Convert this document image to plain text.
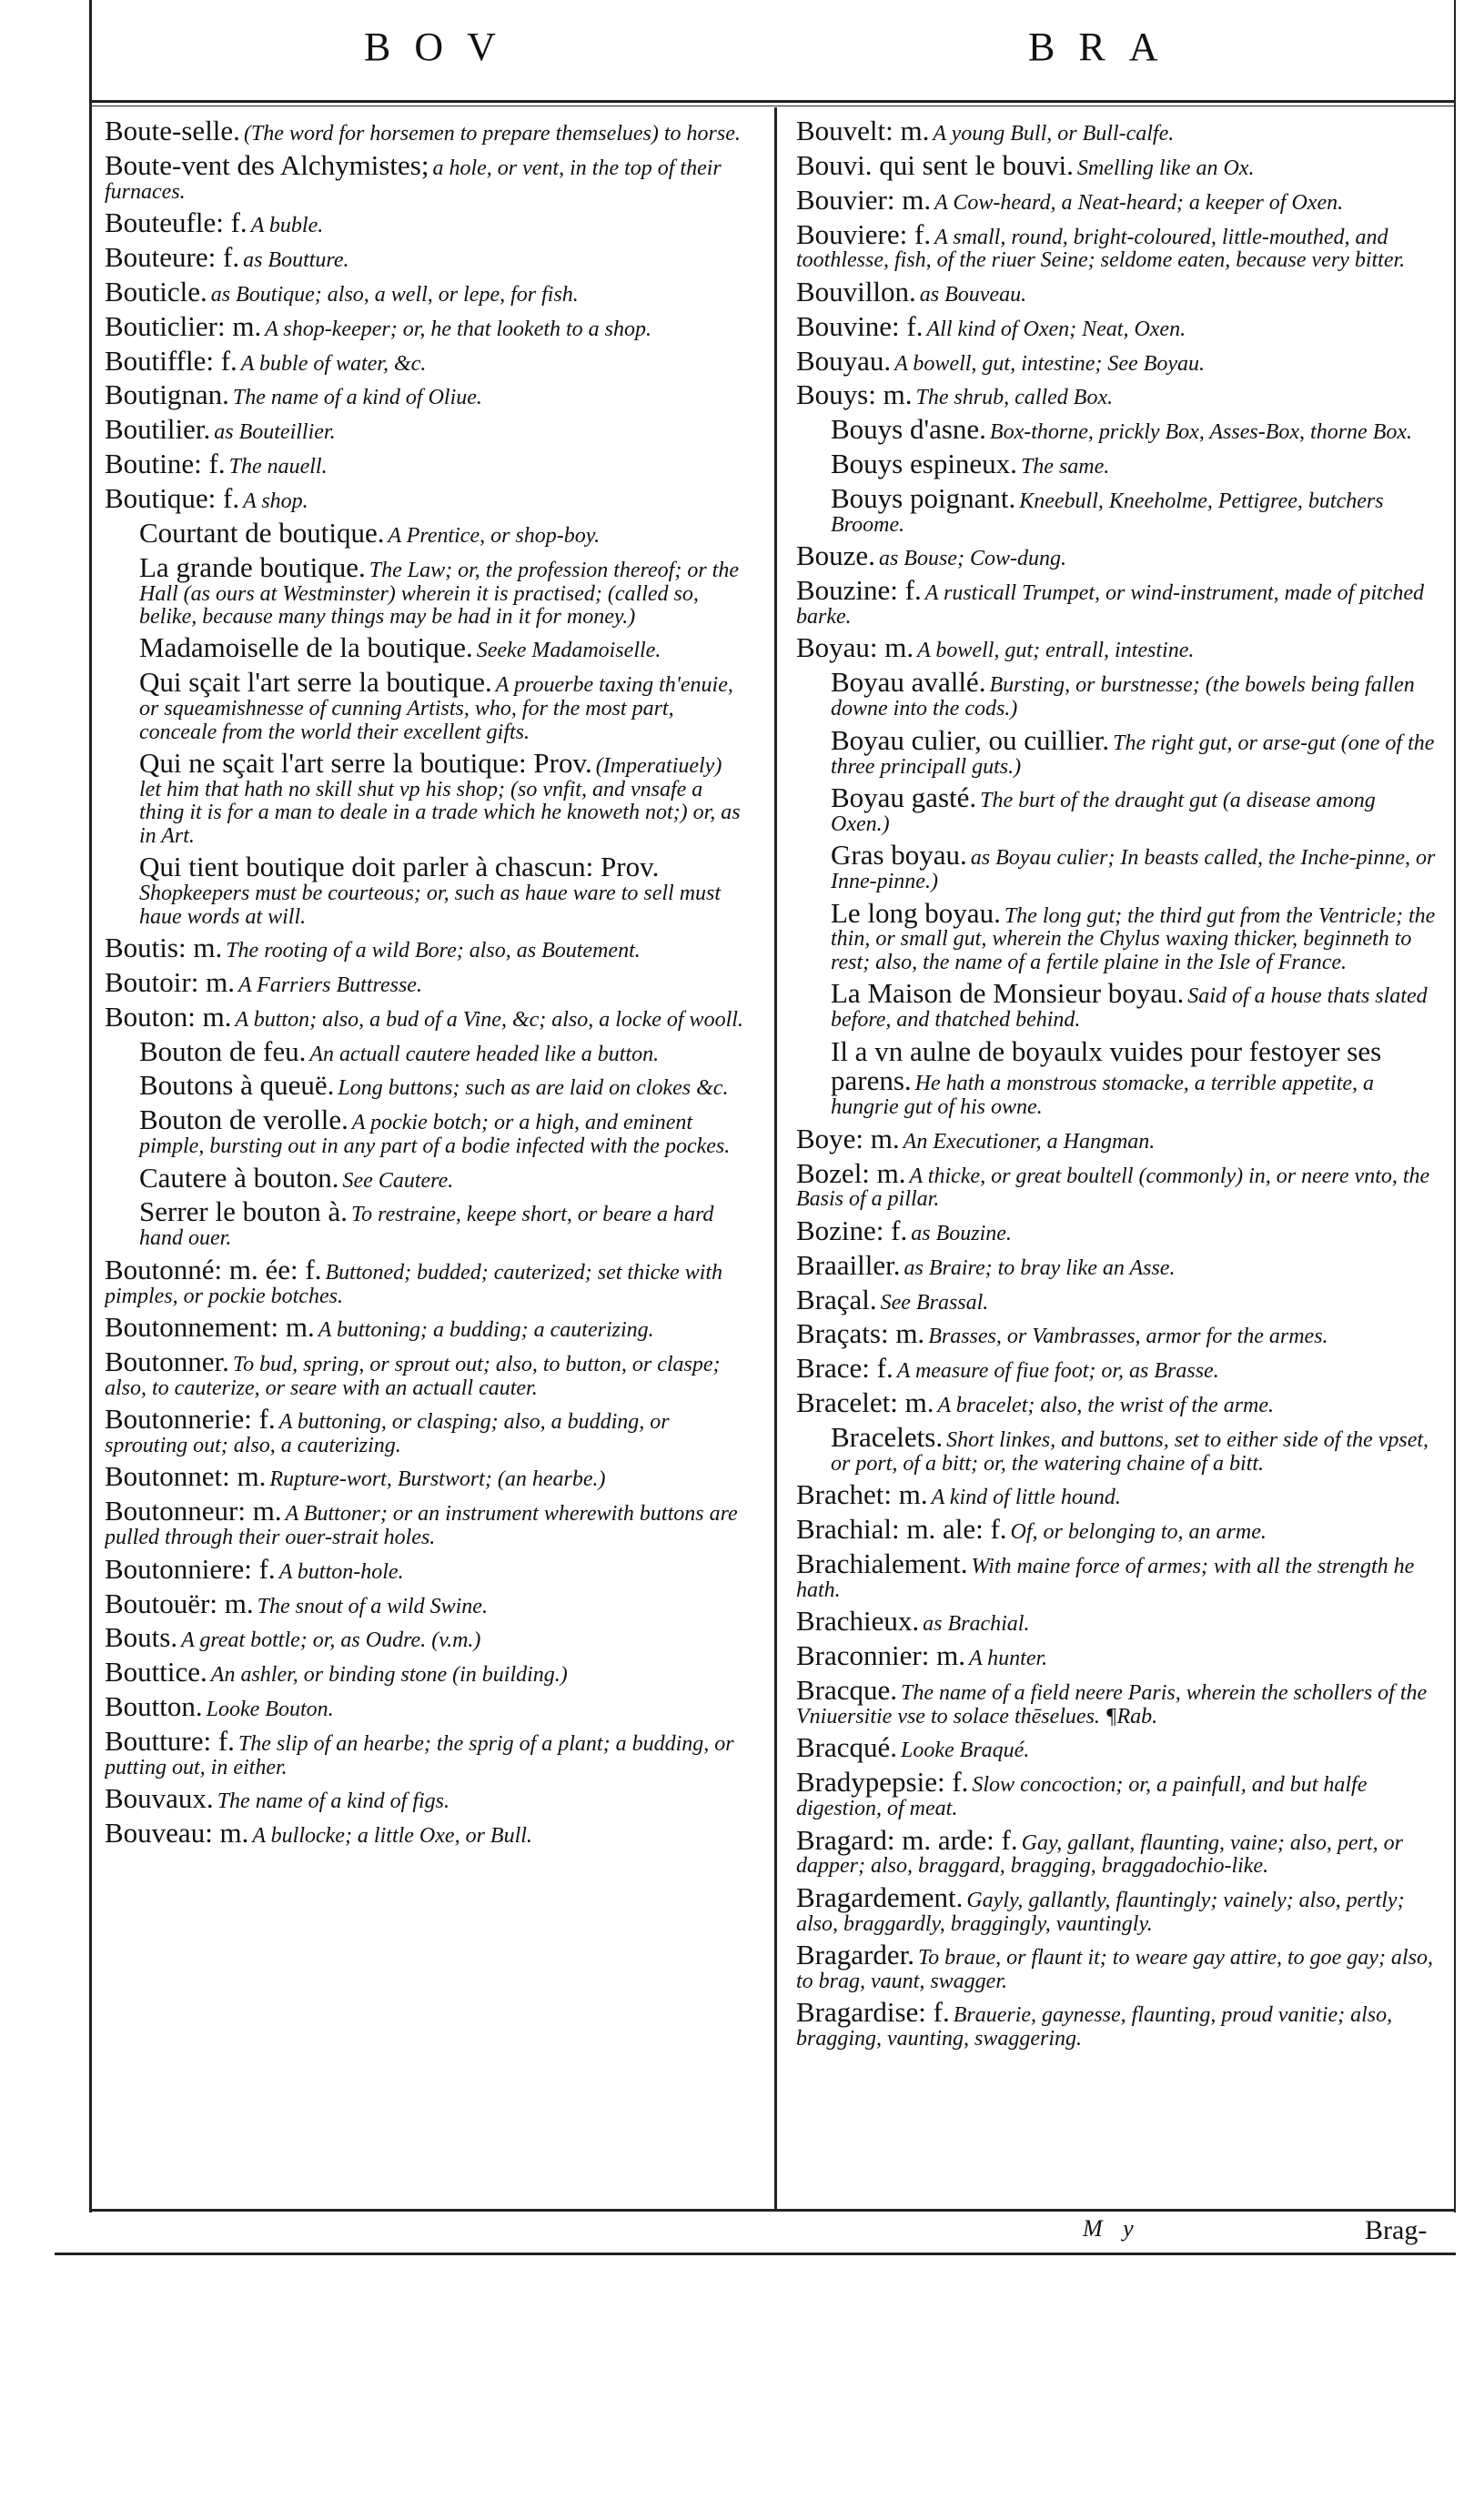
BOV	BRA
Boute-selle. (The word for horsemen to prepare themselues) to horse.
Boute-vent des Alchymistes; a hole, or vent, in the top of their furnaces.
Bouteufle: f. A buble.
Bouteure: f. as Boutture.
Bouticle. as Boutique; also, a well, or lepe, for fish.
Bouticlier: m. A shop-keeper; or, he that looketh to a shop.
Boutiffle: f. A buble of water, &c.
Boutignan. The name of a kind of Oliue.
Boutilier. as Bouteillier.
Boutine: f. The nauell.
Boutique: f. A shop.
Courtant de boutique. A Prentice, or shop-boy.
La grande boutique. The Law; or, the profession thereof; or the Hall (as ours at Westminster) wherein it is practised; (called so, belike, because many things may be had in it for money.)
Madamoiselle de la boutique. Seeke Madamoiselle.
Qui sçait l'art serre la boutique. A prouerbe taxing th'enuie, or squeamishnesse of cunning Artists, who, for the most part, conceale from the world their excellent gifts.
Qui ne sçait l'art serre la boutique: Prov. (Imperatiuely) let him that hath no skill shut vp his shop; (so vnfit, and vnsafe a thing it is for a man to deale in a trade which he knoweth not;) or, as in Art.
Qui tient boutique doit parler à chascun: Prov. Shopkeepers must be courteous; or, such as haue ware to sell must haue words at will.
Boutis: m. The rooting of a wild Bore; also, as Boutement.
Boutoir: m. A Farriers Buttresse.
Bouton: m. A button; also, a bud of a Vine, &c; also, a locke of wooll.
Bouton de feu. An actuall cautere headed like a button.
Boutons à queuë. Long buttons; such as are laid on clokes &c.
Bouton de verolle. A pockie botch; or a high, and eminent pimple, bursting out in any part of a bodie infected with the pockes.
Cautere à bouton. See Cautere.
Serrer le bouton à. To restraine, keepe short, or beare a hard hand ouer.
Boutonné: m. ée: f. Buttoned; budded; cauterized; set thicke with pimples, or pockie botches.
Boutonnement: m. A buttoning; a budding; a cauterizing.
Boutonner. To bud, spring, or sprout out; also, to button, or claspe; also, to cauterize, or seare with an actuall cauter.
Boutonnerie: f. A buttoning, or clasping; also, a budding, or sprouting out; also, a cauterizing.
Boutonnet: m. Rupture-wort, Burstwort; (an hearbe.)
Boutonneur: m. A Buttoner; or an instrument wherewith buttons are pulled through their ouer-strait holes.
Boutonniere: f. A button-hole.
Boutouër: m. The snout of a wild Swine.
Bouts. A great bottle; or, as Oudre. (v.m.)
Bouttice. An ashler, or binding stone (in building.)
Boutton. Looke Bouton.
Boutture: f. The slip of an hearbe; the sprig of a plant; a budding, or putting out, in either.
Bouvaux. The name of a kind of figs.
Bouveau: m. A bullocke; a little Oxe, or Bull.
Bouvelt: m. A young Bull, or Bull-calfe.
Bouvi. qui sent le bouvi. Smelling like an Ox.
Bouvier: m. A Cow-heard, a Neat-heard; a keeper of Oxen.
Bouviere: f. A small, round, bright-coloured, little-mouthed, and toothlesse, fish, of the riuer Seine; seldome eaten, because very bitter.
Bouvillon. as Bouveau.
Bouvine: f. All kind of Oxen; Neat, Oxen.
Bouyau. A bowell, gut, intestine; See Boyau.
Bouys: m. The shrub, called Box.
Bouys d'asne. Box-thorne, prickly Box, Asses-Box, thorne Box.
Bouys espineux. The same.
Bouys poignant. Kneebull, Kneeholme, Pettigree, butchers Broome.
Bouze. as Bouse; Cow-dung.
Bouzine: f. A rusticall Trumpet, or wind-instrument, made of pitched barke.
Boyau: m. A bowell, gut; entrall, intestine.
Boyau avallé. Bursting, or burstnesse; (the bowels being fallen downe into the cods.)
Boyau culier, ou cuillier. The right gut, or arse-gut (one of the three principall guts.)
Boyau gasté. The burt of the draught gut (a disease among Oxen.)
Gras boyau. as Boyau culier; In beasts called, the Inche-pinne, or Inne-pinne.)
Le long boyau. The long gut; the third gut from the Ventricle; the thin, or small gut, wherein the Chylus waxing thicker, beginneth to rest; also, the name of a fertile plaine in the Isle of France.
La Maison de Monsieur boyau. Said of a house thats slated before, and thatched behind.
Il a vn aulne de boyaulx vuides pour festoyer ses parens. He hath a monstrous stomacke, a terrible appetite, a hungrie gut of his owne.
Boye: m. An Executioner, a Hangman.
Bozel: m. A thicke, or great boultell (commonly) in, or neere vnto, the Basis of a pillar.
Bozine: f. as Bouzine.
Braailler. as Braire; to bray like an Asse.
Braçal. See Brassal.
Braçats: m. Brasses, or Vambrasses, armor for the armes.
Brace: f. A measure of fiue foot; or, as Brasse.
Bracelet: m. A bracelet; also, the wrist of the arme.
Bracelets. Short linkes, and buttons, set to either side of the vpset, or port, of a bitt; or, the watering chaine of a bitt.
Brachet: m. A kind of little hound.
Brachial: m. ale: f. Of, or belonging to, an arme.
Brachialement. With maine force of armes; with all the strength he hath.
Brachieux. as Brachial.
Braconnier: m. A hunter.
Bracque. The name of a field neere Paris, wherein the schollers of the Vniuersitie vse to solace thēselues. ¶Rab.
Bracqué. Looke Braqué.
Bradypepsie: f. Slow concoction; or, a painfull, and but halfe digestion, of meat.
Bragard: m. arde: f. Gay, gallant, flaunting, vaine; also, pert, or dapper; also, braggard, bragging, braggadochio-like.
Bragardement. Gayly, gallantly, flauntingly; vainely; also, pertly; also, braggardly, braggingly, vauntingly.
Bragarder. To braue, or flaunt it; to weare gay attire, to goe gay; also, to brag, vaunt, swagger.
Bragardise: f. Brauerie, gaynesse, flaunting, proud vanitie; also, bragging, vaunting, swaggering.
M y	Brag-
